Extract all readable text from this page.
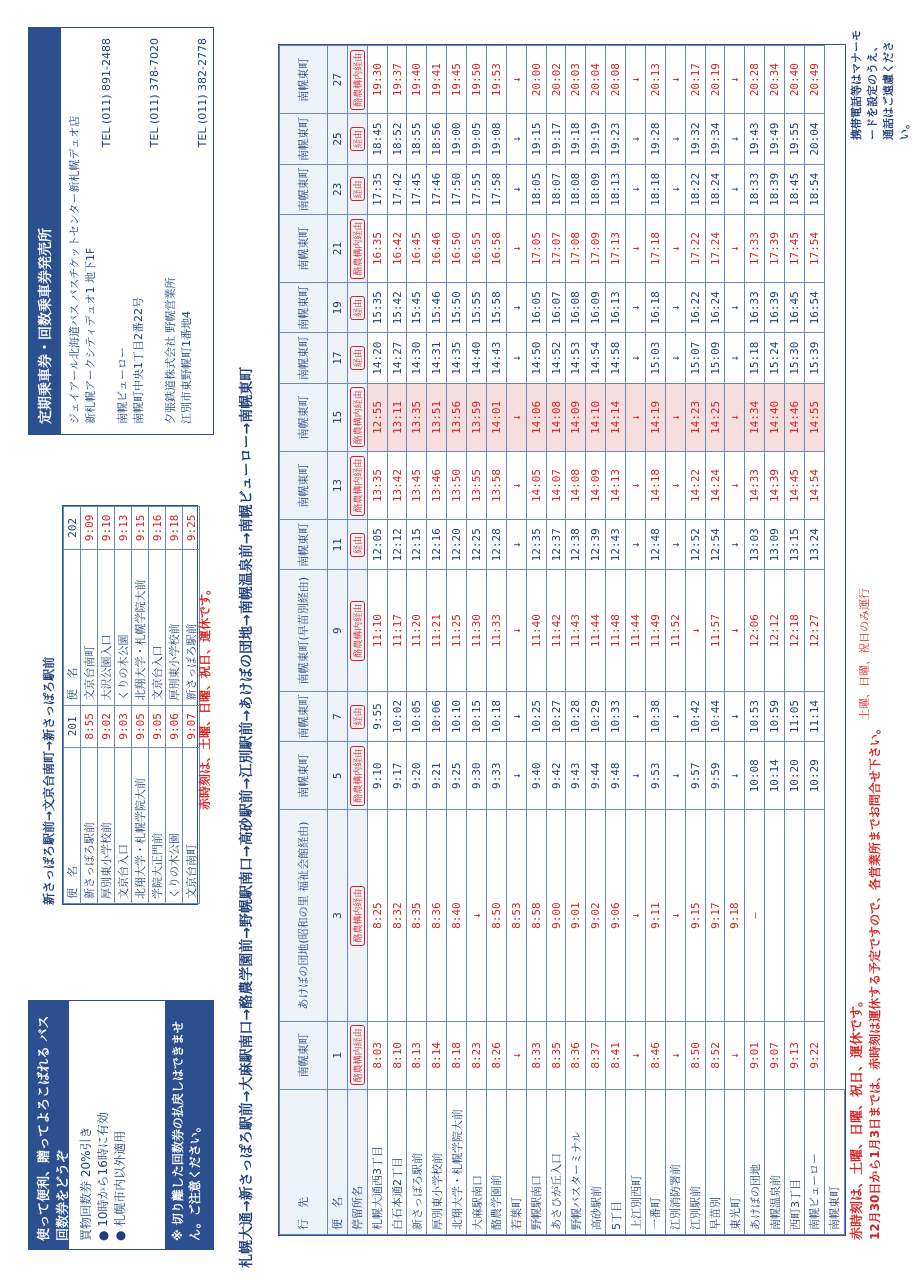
札幌大通→新さっぽろ駅前→大麻駅南口→酪農学園前→野幌駅南口→高砂駅前→江別駅前→あけぼの団地→南幌温泉前→南幌ビューロー→南幌東町	行　先	南幌東町	あけぼの団地(昭和の里 福祉会館経由)	南幌東町	南幌東町	南幌東町(早苗別経由)	南幌東町	南幌東町	南幌東町	南幌東町	南幌東町	南幌東町	南幌東町	南幌東町	南幌東町
便　名	1	3	5	7	9	11	13	15	17	19	21	23	25	27
停留所名	酪農構内経由	酪農構内経由	酪農構内経由	経由	酪農構内経由	経由	酪農構内経由	酪農構内経由	経由	経由	酪農構内経由	経由	経由	酪農構内経由
札幌大通西3丁目	8:03	8:25	9:10	9:55	11:10	12:05	13:35	12:55	14:20	15:35	16:35	17:35	18:45	19:30
白石本通2丁目	8:10	8:32	9:17	10:02	11:17	12:12	13:42	13:11	14:27	15:42	16:42	17:42	18:52	19:37
新さっぽろ駅前	8:13	8:35	9:20	10:05	11:20	12:15	13:45	13:35	14:30	15:45	16:45	17:45	18:55	19:40
厚別東小学校前	8:14	8:36	9:21	10:06	11:21	12:16	13:46	13:51	14:31	15:46	16:46	17:46	18:56	19:41
北翔大学・札幌学院大前	8:18	8:40	9:25	10:10	11:25	12:20	13:50	13:56	14:35	15:50	16:50	17:50	19:00	19:45
大麻駅南口	8:23	↓	9:30	10:15	11:30	12:25	13:55	13:59	14:40	15:55	16:55	17:55	19:05	19:50
酪農学園前	8:26	8:50	9:33	10:18	11:33	12:28	13:58	14:01	14:43	15:58	16:58	17:58	19:08	19:53
若葉町	↓	8:53	↓	↓	↓	↓	↓	↓	↓	↓	↓	↓	↓	↓
野幌駅南口	8:33	8:58	9:40	10:25	11:40	12:35	14:05	14:06	14:50	16:05	17:05	18:05	19:15	20:00
あさひが丘入口	8:35	9:00	9:42	10:27	11:42	12:37	14:07	14:08	14:52	16:07	17:07	18:07	19:17	20:02
野幌バスターミナル	8:36	9:01	9:43	10:28	11:43	12:38	14:08	14:09	14:53	16:08	17:08	18:08	19:18	20:03
高砂駅前	8:37	9:02	9:44	10:29	11:44	12:39	14:09	14:10	14:54	16:09	17:09	18:09	19:19	20:04
5丁目	8:41	9:06	9:48	10:33	11:48	12:43	14:13	14:14	14:58	16:13	17:13	18:13	19:23	20:08
上江別西町	↓	↓	↓	↓	11:44	↓	↓	↓	↓	↓	↓	↓	↓	↓
一番町	8:46	9:11	9:53	10:38	11:49	12:48	14:18	14:19	15:03	16:18	17:18	18:18	19:28	20:13
江別消防署前	↓	↓	↓	↓	11:52	↓	↓	↓	↓	↓	↓	↓	↓	↓
江別駅前	8:50	9:15	9:57	10:42	↓	12:52	14:22	14:23	15:07	16:22	17:22	18:22	19:32	20:17
早苗別	8:52	9:17	9:59	10:44	11:57	12:54	14:24	14:25	15:09	16:24	17:24	18:24	19:34	20:19
東光町	↓	9:18	↓	↓	↓	↓	↓	↓	↓	↓	↓	↓	↓	↓
あけぼの団地	9:01	—	10:08	10:53	12:06	13:03	14:33	14:34	15:18	16:33	17:33	18:33	19:43	20:28
南幌温泉前	9:07		10:14	10:59	12:12	13:09	14:39	14:40	15:24	16:39	17:39	18:39	19:49	20:34
西町3丁目	9:13		10:20	11:05	12:18	13:15	14:45	14:46	15:30	16:45	17:45	18:45	19:55	20:40
南幌ビューロー	9:22		10:29	11:14	12:27	13:24	14:54	14:55	15:39	16:54	17:54	18:54	20:04	20:49
南幌東町														赤時刻は、土曜、日曜、祝日、運休です。 12月30日から1月3日までは、赤時刻は運休する予定ですので、各営業所までお問合せ下さい。
土曜、日曜、祝日のみ運行
携帯電話等はマナーモードを設定のうえ、通話はご遠慮ください。
使って便利、贈ってよろこばれる バス回数券をどうぞ 買物回数券 20%引き ● 10時から16時に有効 ● 札幌市内以外適用	※ 切り離した回数券の払戻しはできません。ご注意ください。
定期乗車券・回数乗車券発売所	ジェイアール北海道バス バスチケットセンター新札幌デュオ店 新札幌アークシティデュオ1 地下1F
TEL (011) 891-2488
南幌ビューロー 南幌町中央1丁目2番22号
TEL (011) 378-7020
夕張鉄道株式会社 野幌営業所 江別市東野幌町1番地4
TEL (011) 382-2778
新さっぽろ駅前→文京台南町→新さっぽろ駅前 便　名	201	便　名	202
新さっぽろ駅前	8:55	文京台南町	9:09
厚別東小学校前	9:02	大沢公園入口	9:10
文京台入口	9:03	くりの木公園	9:13
北翔大学・札幌学院大前	9:05	北翔大学・札幌学院大前	9:15
学院大正門前	9:05	文京台入口	9:16
くりの木公園	9:06	厚別東小学校前	9:18
文京台南町	9:07	新さっぽろ駅前	9:25
赤時刻は、土曜、日曜、祝日、運休です。
